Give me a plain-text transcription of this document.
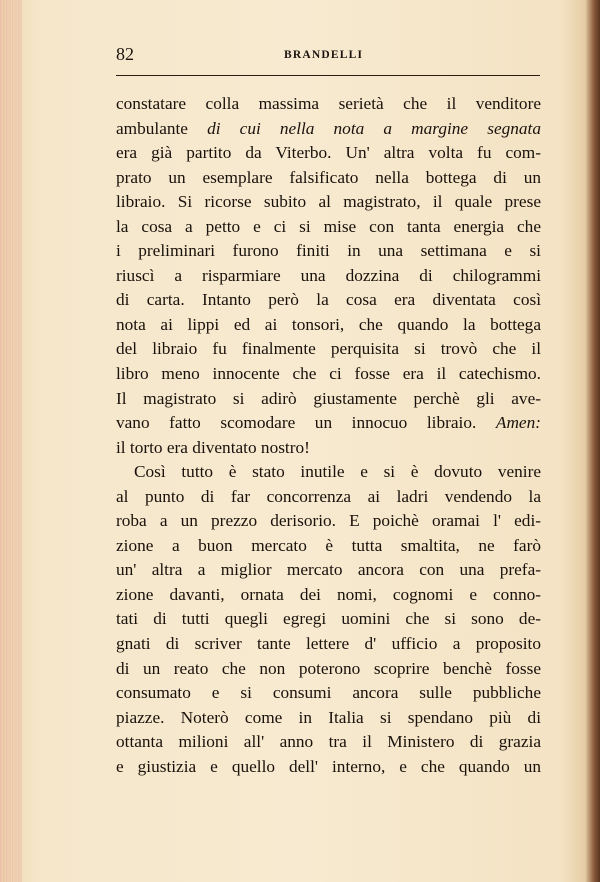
82	BRANDELLI
constatare colla massima serietà che il venditore
ambulante di cui nella nota a margine segnata
era già partito da Viterbo. Un' altra volta fu com-
prato un esemplare falsificato nella bottega di un
libraio. Si ricorse subito al magistrato, il quale prese
la cosa a petto e ci si mise con tanta energia che
i preliminari furono finiti in una settimana e si
riuscì a risparmiare una dozzina di chilogrammi
di carta. Intanto però la cosa era diventata così
nota ai lippi ed ai tonsori, che quando la bottega
del libraio fu finalmente perquisita si trovò che il
libro meno innocente che ci fosse era il catechismo.
Il magistrato si adirò giustamente perchè gli ave-
vano fatto scomodare un innocuo libraio. Amen:
il torto era diventato nostro!
Così tutto è stato inutile e si è dovuto venire
al punto di far concorrenza ai ladri vendendo la
roba a un prezzo derisorio. E poichè oramai l' edi-
zione a buon mercato è tutta smaltita, ne farò
un' altra a miglior mercato ancora con una prefa-
zione davanti, ornata dei nomi, cognomi e conno-
tati di tutti quegli egregi uomini che si sono de-
gnati di scriver tante lettere d' ufficio a proposito
di un reato che non poterono scoprire benchè fosse
consumato e si consumi ancora sulle pubbliche
piazze. Noterò come in Italia si spendano più di
ottanta milioni all' anno tra il Ministero di grazia
e giustizia e quello dell' interno, e che quando un
